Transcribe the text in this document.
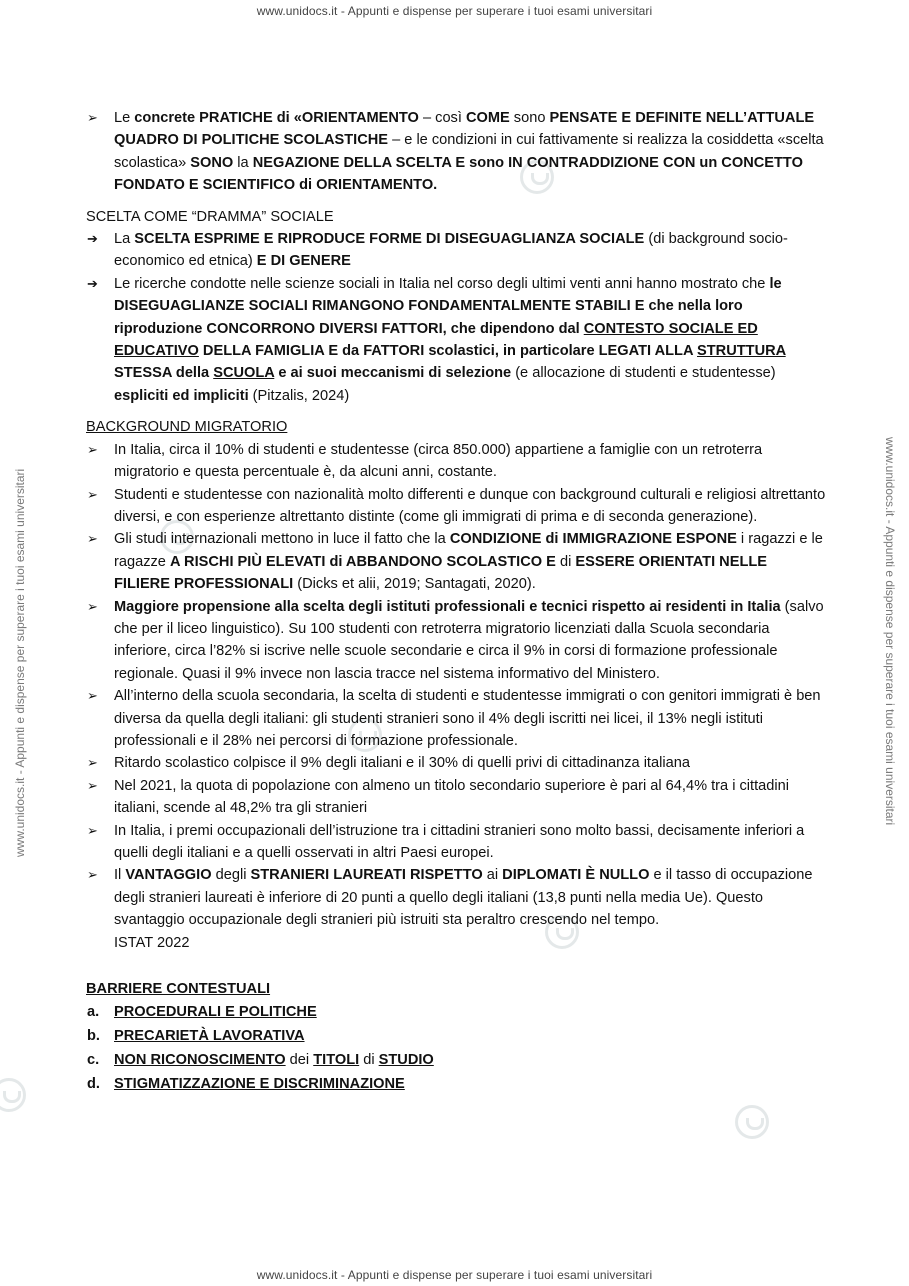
www.unidocs.it - Appunti e dispense per superare i tuoi esami universitari
www.unidocs.it - Appunti e dispense per superare i tuoi esami universitari	www.unidocs.it - Appunti e dispense per superare i tuoi esami universitari

➢	Le concrete PRATICHE di «ORIENTAMENTO – così COME sono PENSATE E DEFINITE NELL’ATTUALE QUADRO DI POLITICHE SCOLASTICHE – e le condizioni in cui fattivamente si realizza la cosiddetta «scelta scolastica» SONO la NEGAZIONE DELLA SCELTA E sono IN CONTRADDIZIONE CON un CONCETTO FONDATO E SCIENTIFICO di ORIENTAMENTO.

SCELTA COME “DRAMMA” SOCIALE

➔	La SCELTA ESPRIME E RIPRODUCE FORME DI DISEGUAGLIANZA SOCIALE (di background socio- economico ed etnica) E DI GENERE

➔	Le ricerche condotte nelle scienze sociali in Italia nel corso degli ultimi venti anni hanno mostrato che le DISEGUAGLIANZE SOCIALI RIMANGONO FONDAMENTALMENTE STABILI E che nella loro riproduzione CONCORRONO DIVERSI FATTORI, che dipendono dal CONTESTO SOCIALE ED EDUCATIVO DELLA FAMIGLIA E da FATTORI scolastici, in particolare LEGATI ALLA STRUTTURA STESSA della SCUOLA e ai suoi meccanismi di selezione (e allocazione di studenti e studentesse) espliciti ed impliciti (Pitzalis, 2024)

BACKGROUND MIGRATORIO

➢	In Italia, circa il 10% di studenti e studentesse (circa 850.000) appartiene a famiglie con un retroterra migratorio e questa percentuale è, da alcuni anni, costante.

➢	Studenti e studentesse con nazionalità molto differenti e dunque con background culturali e religiosi altrettanto diversi, e con esperienze altrettanto distinte (come gli immigrati di prima e di seconda generazione).

➢	Gli studi internazionali mettono in luce il fatto che la CONDIZIONE di IMMIGRAZIONE ESPONE i ragazzi e le ragazze A RISCHI PIÙ ELEVATI di ABBANDONO SCOLASTICO E di ESSERE ORIENTATI NELLE FILIERE PROFESSIONALI (Dicks et alii, 2019; Santagati, 2020).

➢	Maggiore propensione alla scelta degli istituti professionali e tecnici rispetto ai residenti in Italia (salvo che per il liceo linguistico). Su 100 studenti con retroterra migratorio licenziati dalla Scuola secondaria inferiore, circa l’82% si iscrive nelle scuole secondarie e circa il 9% in corsi di formazione professionale regionale. Quasi il 9% invece non lascia tracce nel sistema informativo del Ministero.

➢	All’interno della scuola secondaria, la scelta di studenti e studentesse immigrati o con genitori immigrati è ben diversa da quella degli italiani: gli studenti stranieri sono il 4% degli iscritti nei licei, il 13% negli istituti professionali e il 28% nei percorsi di formazione professionale.

➢	Ritardo scolastico colpisce il 9% degli italiani e il 30% di quelli privi di cittadinanza italiana

➢	Nel 2021, la quota di popolazione con almeno un titolo secondario superiore è pari al 64,4% tra i cittadini italiani, scende al 48,2% tra gli stranieri

➢	In Italia, i premi occupazionali dell’istruzione tra i cittadini stranieri sono molto bassi, decisamente inferiori a quelli degli italiani e a quelli osservati in altri Paesi europei.

➢	Il VANTAGGIO degli STRANIERI LAUREATI RISPETTO ai DIPLOMATI È NULLO e il tasso di occupazione degli stranieri laureati è inferiore di 20 punti a quello degli italiani (13,8 punti nella media Ue). Questo svantaggio occupazionale degli stranieri più istruiti sta peraltro crescendo nel tempo.
ISTAT 2022

BARRIERE CONTESTUALI

a.	PROCEDURALI E POLITICHE

b. PRECARIETÀ LAVORATIVA

c.	NON RICONOSCIMENTO dei TITOLI di STUDIO

d. STIGMATIZZAZIONE E DISCRIMINAZIONE

www.unidocs.it - Appunti e dispense per superare i tuoi esami universitari
